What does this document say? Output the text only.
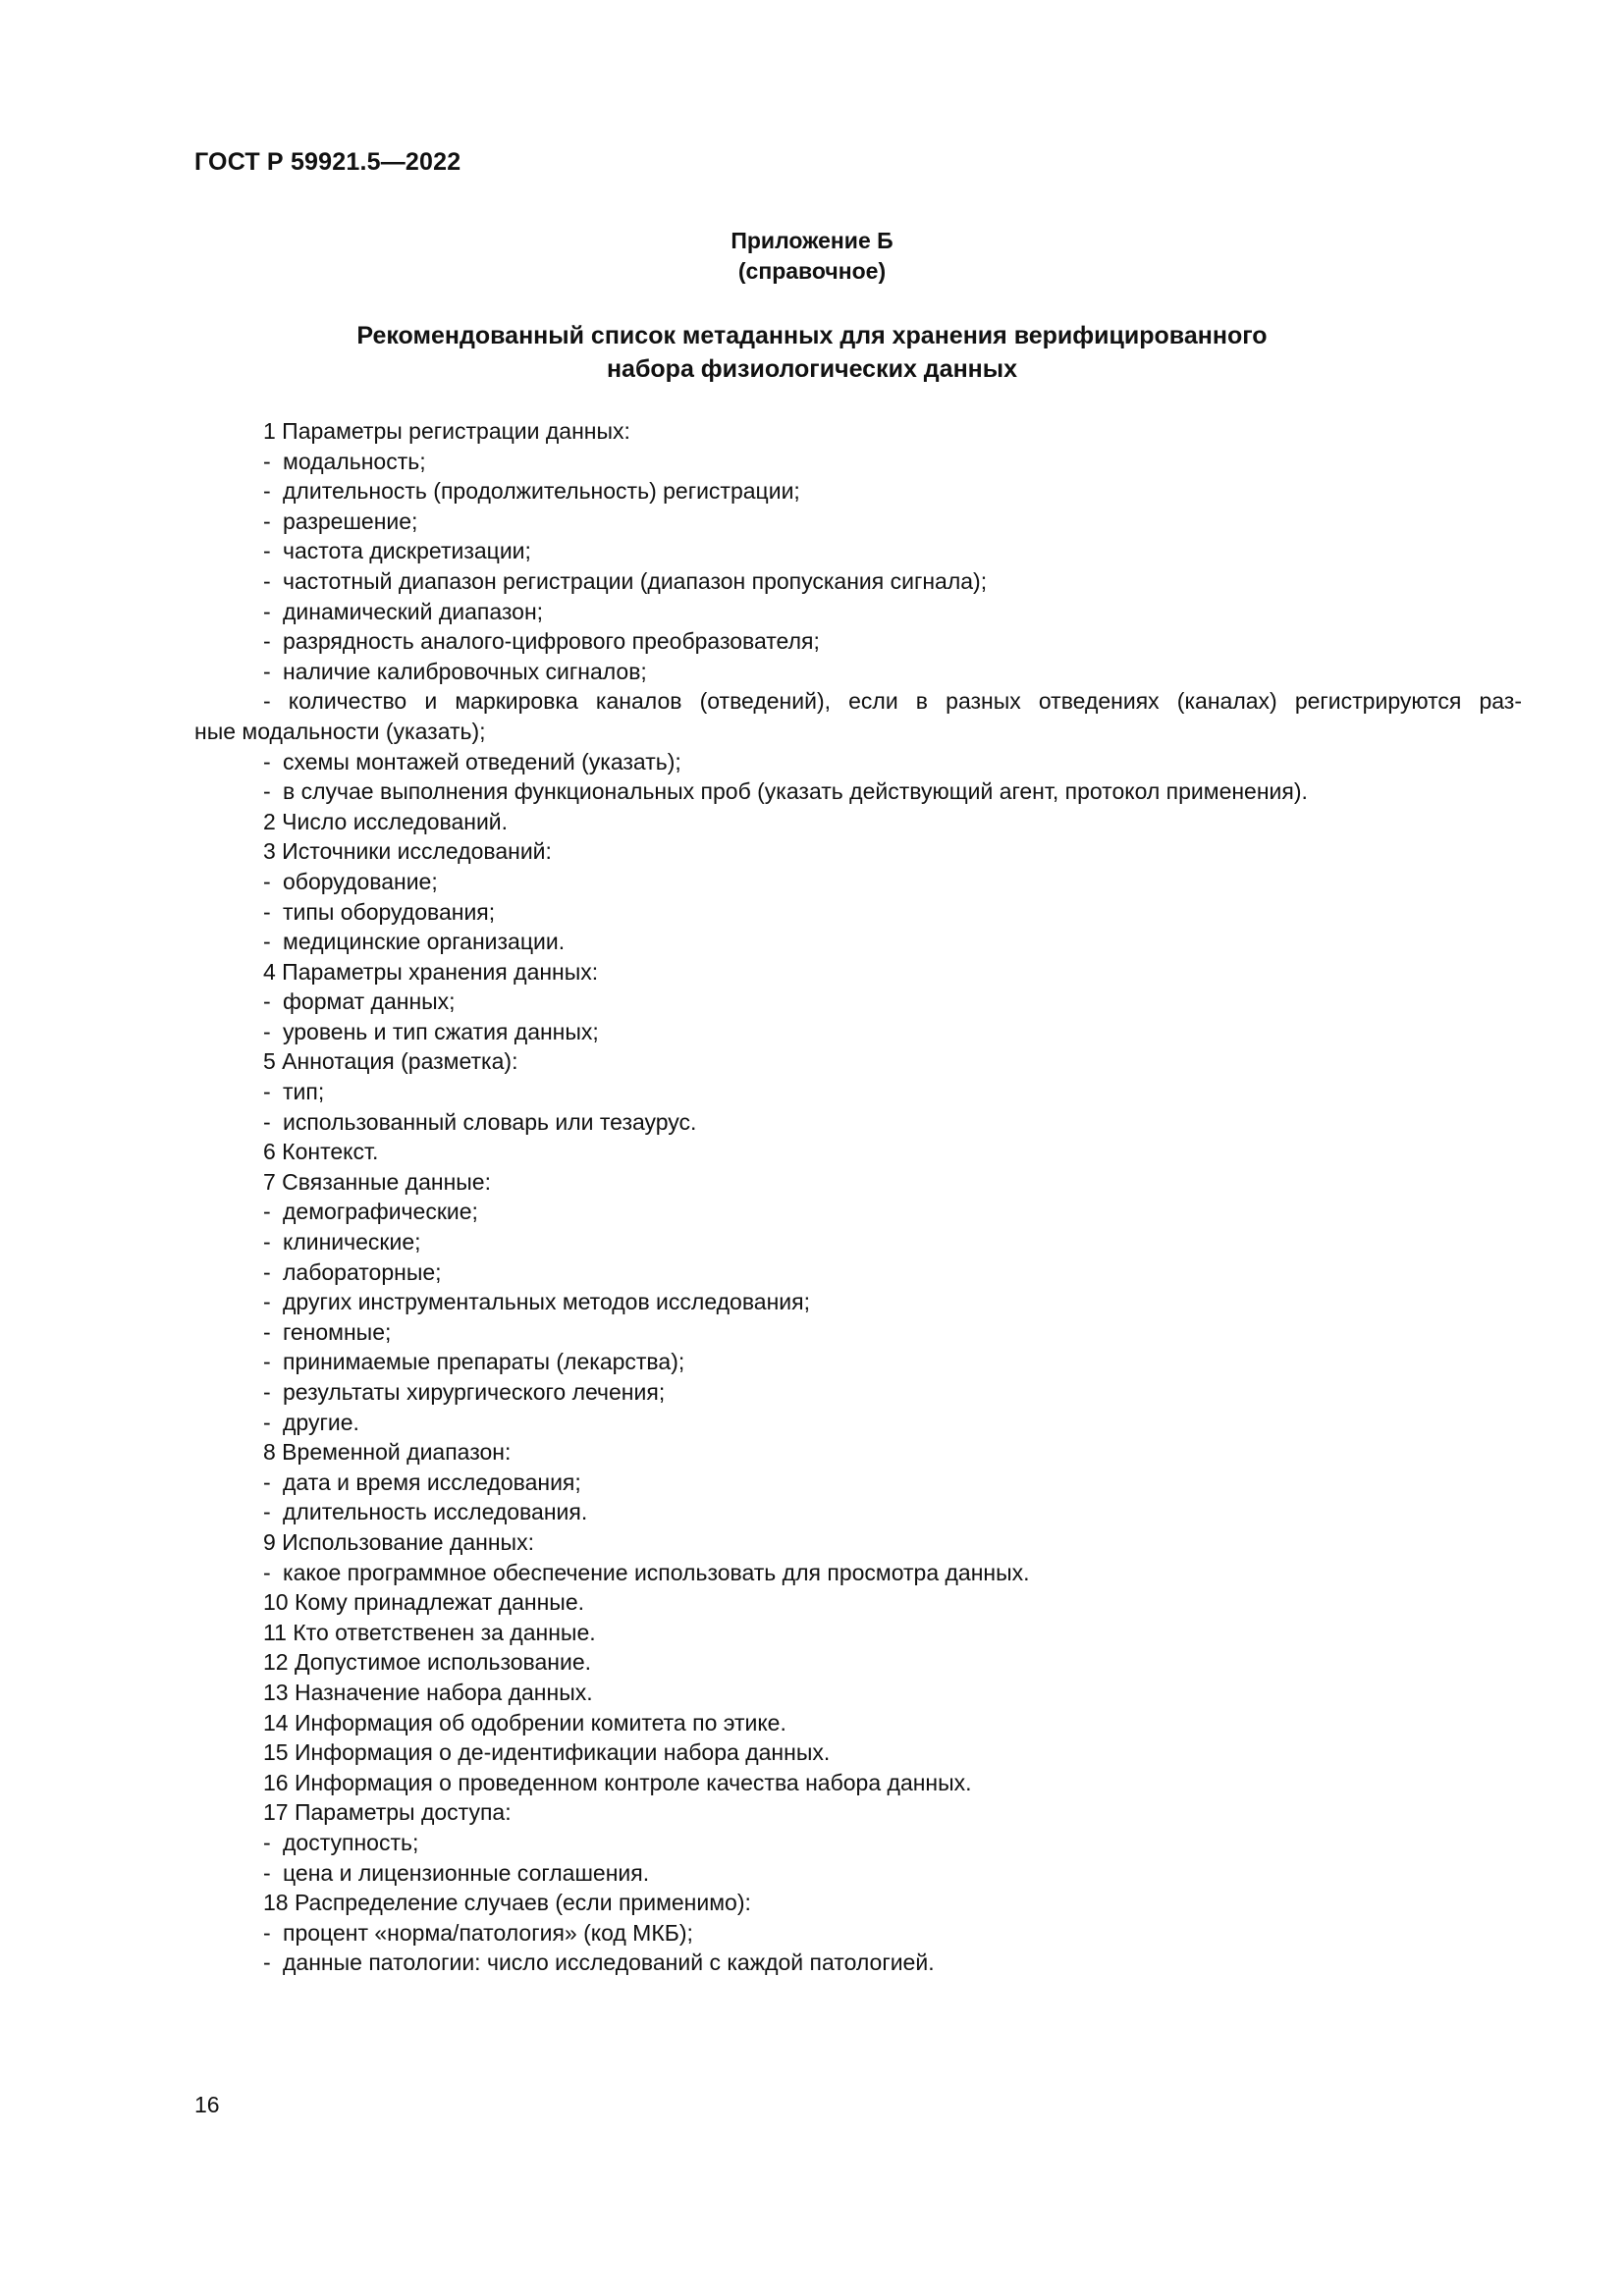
ГОСТ Р 59921.5—2022
Приложение Б
(справочное)
Рекомендованный список метаданных для хранения верифицированного
набора физиологических данных
1 Параметры регистрации данных:
- модальность;
- длительность (продолжительность) регистрации;
- разрешение;
- частота дискретизации;
- частотный диапазон регистрации (диапазон пропускания сигнала);
- динамический диапазон;
- разрядность аналого-цифрового преобразователя;
- наличие калибровочных сигналов;
- количество и маркировка каналов (отведений), если в разных отведениях (каналах) регистрируются раз-
ные модальности (указать);
- схемы монтажей отведений (указать);
- в случае выполнения функциональных проб (указать действующий агент, протокол применения).
2 Число исследований.
3 Источники исследований:
- оборудование;
- типы оборудования;
- медицинские организации.
4 Параметры хранения данных:
- формат данных;
- уровень и тип сжатия данных;
5 Аннотация (разметка):
- тип;
- использованный словарь или тезаурус.
6 Контекст.
7 Связанные данные:
- демографические;
- клинические;
- лабораторные;
- других инструментальных методов исследования;
- геномные;
- принимаемые препараты (лекарства);
- результаты хирургического лечения;
- другие.
8 Временной диапазон:
- дата и время исследования;
- длительность исследования.
9 Использование данных:
- какое программное обеспечение использовать для просмотра данных.
10 Кому принадлежат данные.
11 Кто ответственен за данные.
12 Допустимое использование.
13 Назначение набора данных.
14 Информация об одобрении комитета по этике.
15 Информация о де-идентификации набора данных.
16 Информация о проведенном контроле качества набора данных.
17 Параметры доступа:
- доступность;
- цена и лицензионные соглашения.
18 Распределение случаев (если применимо):
- процент «норма/патология» (код МКБ);
- данные патологии: число исследований с каждой патологией.
16
